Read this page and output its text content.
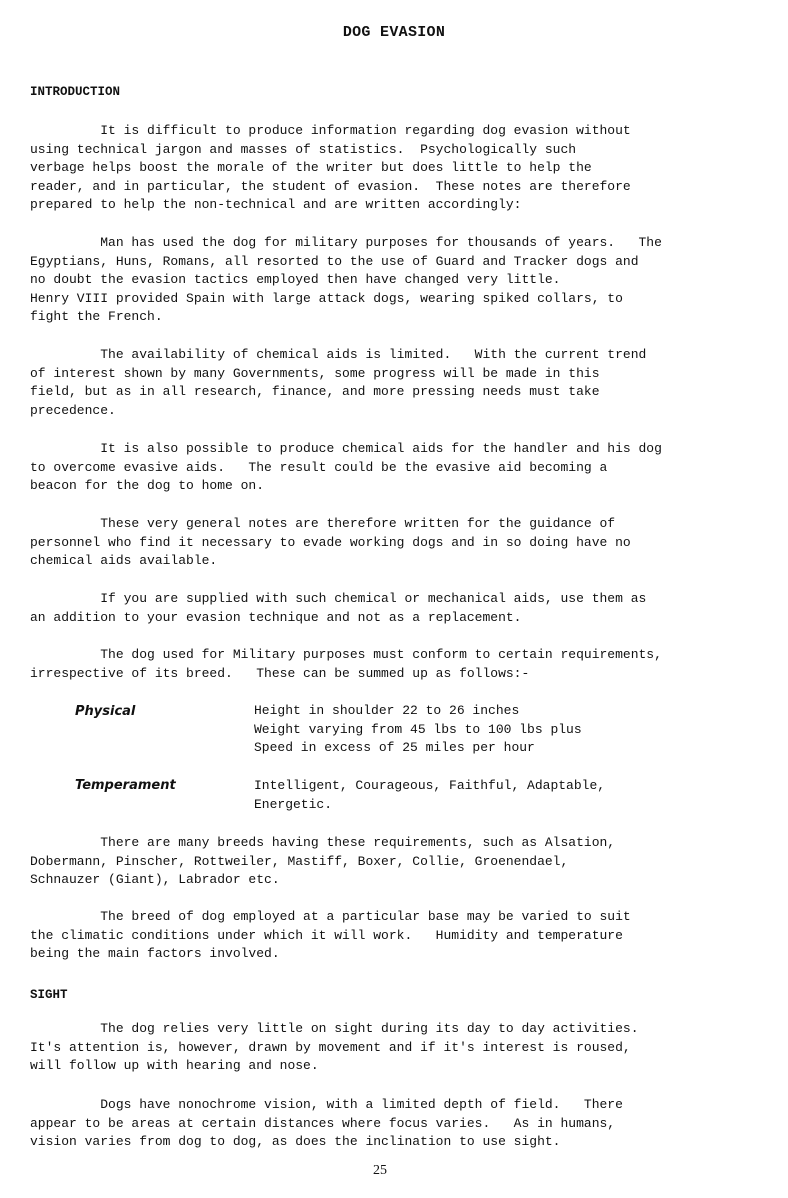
DOG EVASION
INTRODUCTION

It is difficult to produce information regarding dog evasion without
using technical jargon and masses of statistics.  Psychologically such
verbage helps boost the morale of the writer but does little to help the
reader, and in particular, the student of evasion.  These notes are therefore
prepared to help the non-technical and are written accordingly:

Man has used the dog for military purposes for thousands of years.   The
Egyptians, Huns, Romans, all resorted to the use of Guard and Tracker dogs and
no doubt the evasion tactics employed then have changed very little.
Henry VIII provided Spain with large attack dogs, wearing spiked collars, to
fight the French.

The availability of chemical aids is limited.   With the current trend
of interest shown by many Governments, some progress will be made in this
field, but as in all research, finance, and more pressing needs must take
precedence.

It is also possible to produce chemical aids for the handler and his dog
to overcome evasive aids.   The result could be the evasive aid becoming a
beacon for the dog to home on.

These very general notes are therefore written for the guidance of
personnel who find it necessary to evade working dogs and in so doing have no
chemical aids available.

If you are supplied with such chemical or mechanical aids, use them as
an addition to your evasion technique and not as a replacement.

The dog used for Military purposes must conform to certain requirements,
irrespective of its breed.   These can be summed up as follows:-

Physical	Height in shoulder 22 to 26 inches
Weight varying from 45 lbs to 100 lbs plus
Speed in excess of 25 miles per hour
Temperament	Intelligent, Courageous, Faithful, Adaptable,
Energetic.

There are many breeds having these requirements, such as Alsation,
Dobermann, Pinscher, Rottweiler, Mastiff, Boxer, Collie, Groenendael,
Schnauzer (Giant), Labrador etc.

The breed of dog employed at a particular base may be varied to suit
the climatic conditions under which it will work.   Humidity and temperature
being the main factors involved.

SIGHT

The dog relies very little on sight during its day to day activities.
It's attention is, however, drawn by movement and if it's interest is roused,
will follow up with hearing and nose.

Dogs have nonochrome vision, with a limited depth of field.   There
appear to be areas at certain distances where focus varies.   As in humans,
vision varies from dog to dog, as does the inclination to use sight.

25
